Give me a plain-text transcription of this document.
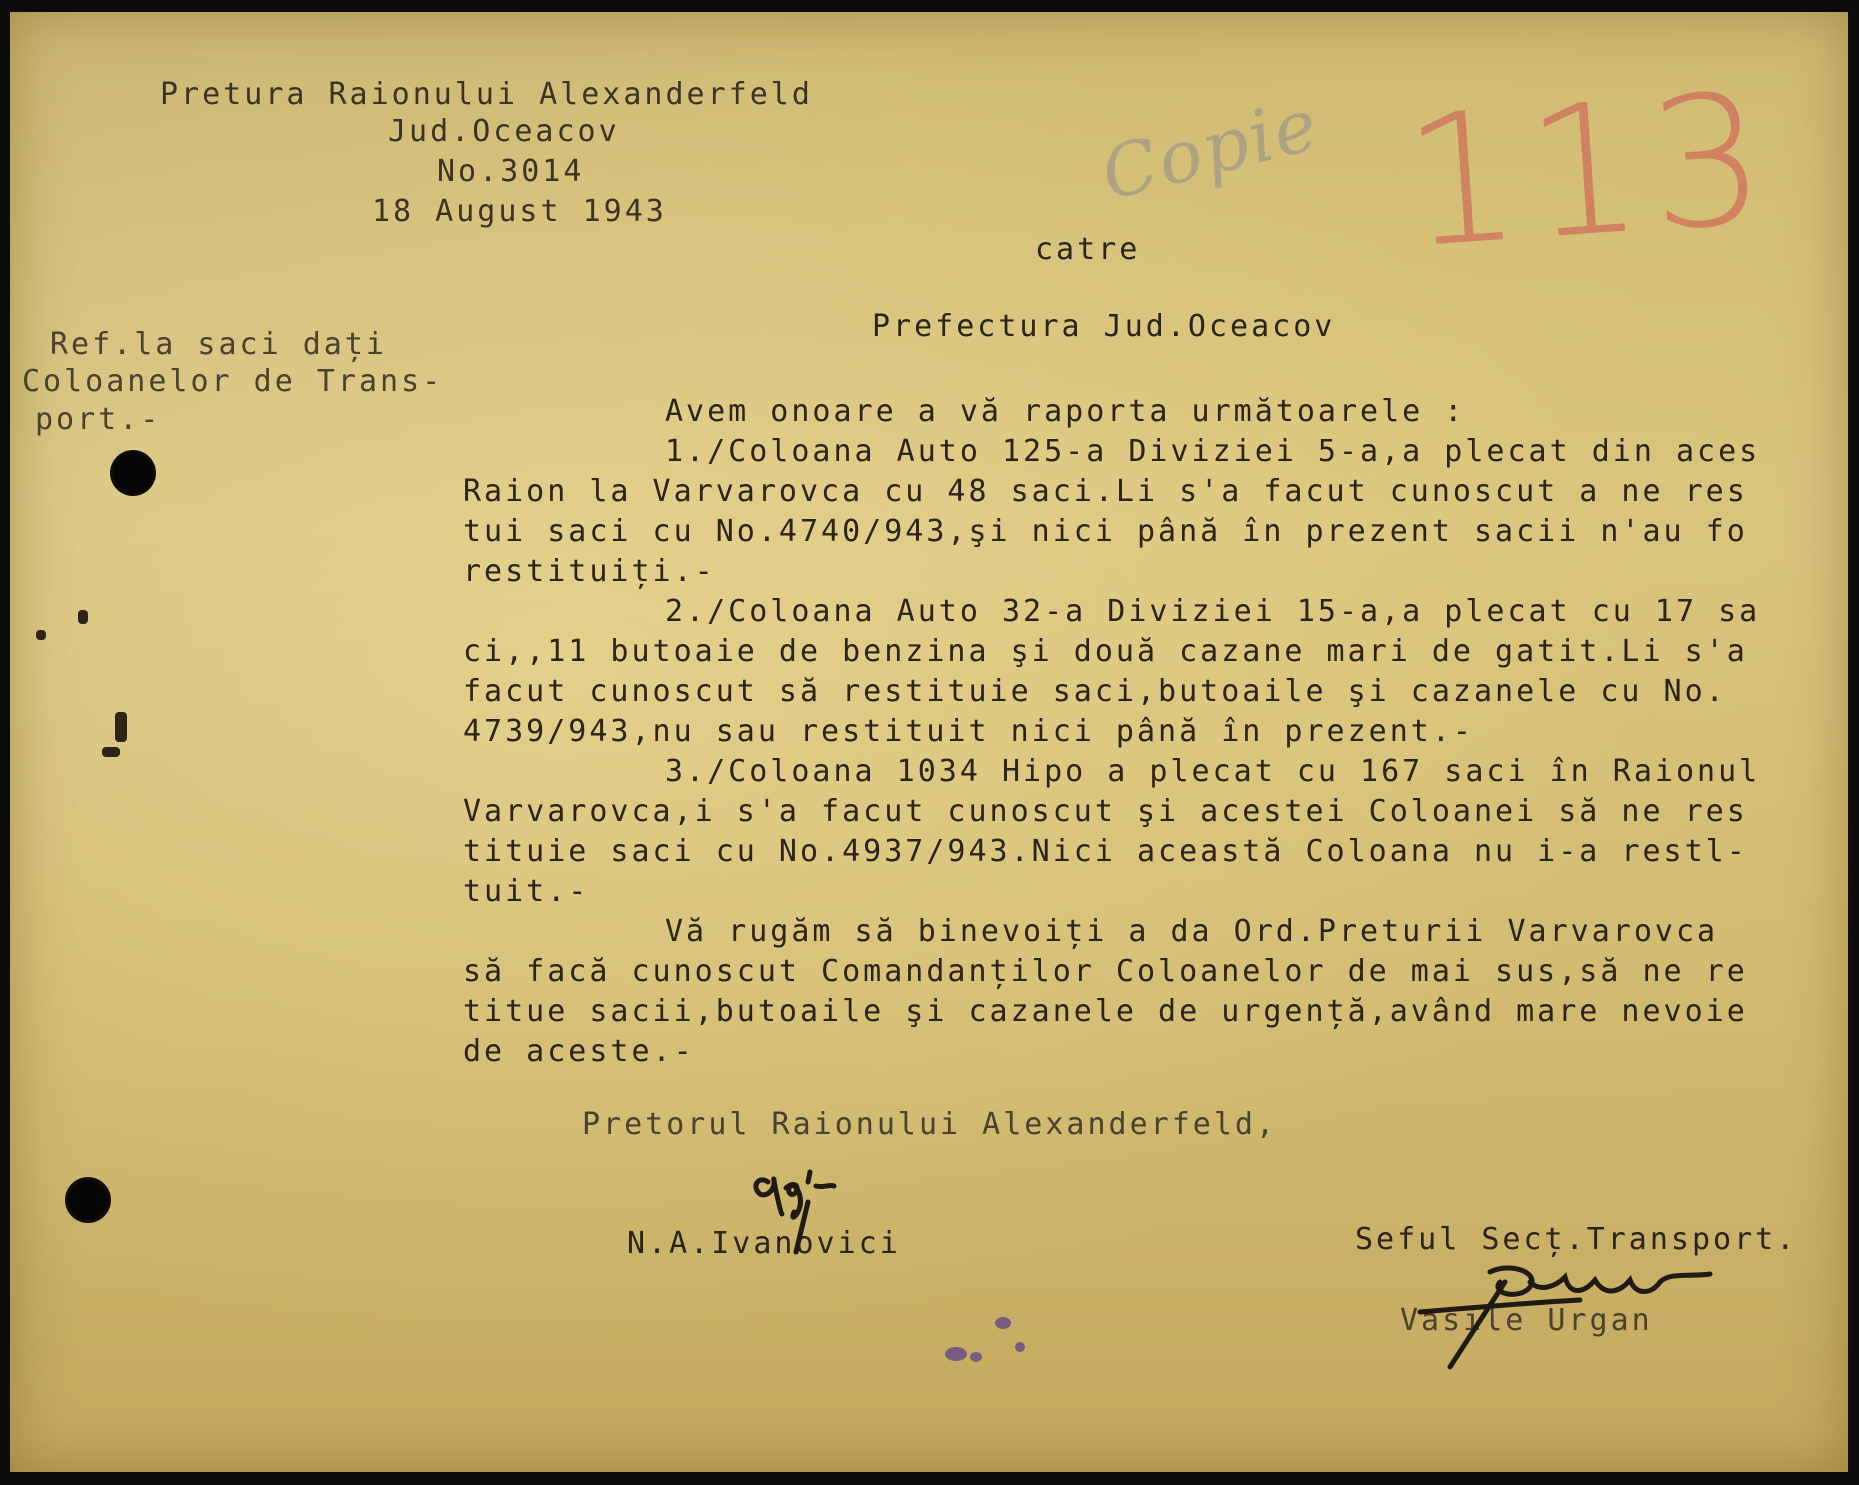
Pretura Raionului Alexanderfeld
Jud.Oceacov
No.3014
18 August 1943	Copie 113
catre
Prefectura Jud.Oceacov
Ref.la saci dați
Coloanelor de Trans-
port.-	Avem onoare a vă raporta următoarele :
1./Coloana Auto 125-a Diviziei 5-a,a plecat din aces
Raion la Varvarovca cu 48 saci.Li s'a facut cunoscut a ne res
tui saci cu No.4740/943,şi nici până în prezent sacii n'au fo
restituiți.-
2./Coloana Auto 32-a Diviziei 15-a,a plecat cu 17 sa
ci,,11 butoaie de benzina şi două cazane mari de gatit.Li s'a
facut cunoscut să restituie saci,butoaile şi cazanele cu No.
4739/943,nu sau restituit nici până în prezent.-
3./Coloana 1034 Hipo a plecat cu 167 saci în Raionul
Varvarovca,i s'a facut cunoscut şi acestei Coloanei să ne res
tituie saci cu No.4937/943.Nici această Coloana nu i-a restl-
tuit.-
Vă rugăm să binevoiți a da Ord.Preturii Varvarovca
să facă cunoscut Comandanților Coloanelor de mai sus,să ne re
titue sacii,butoaile şi cazanele de urgență,având mare nevoie
de aceste.-
Pretorul Raionului Alexanderfeld,
N.A.Ivanovici	Seful Secț.Transport.
Vasile Urgan
